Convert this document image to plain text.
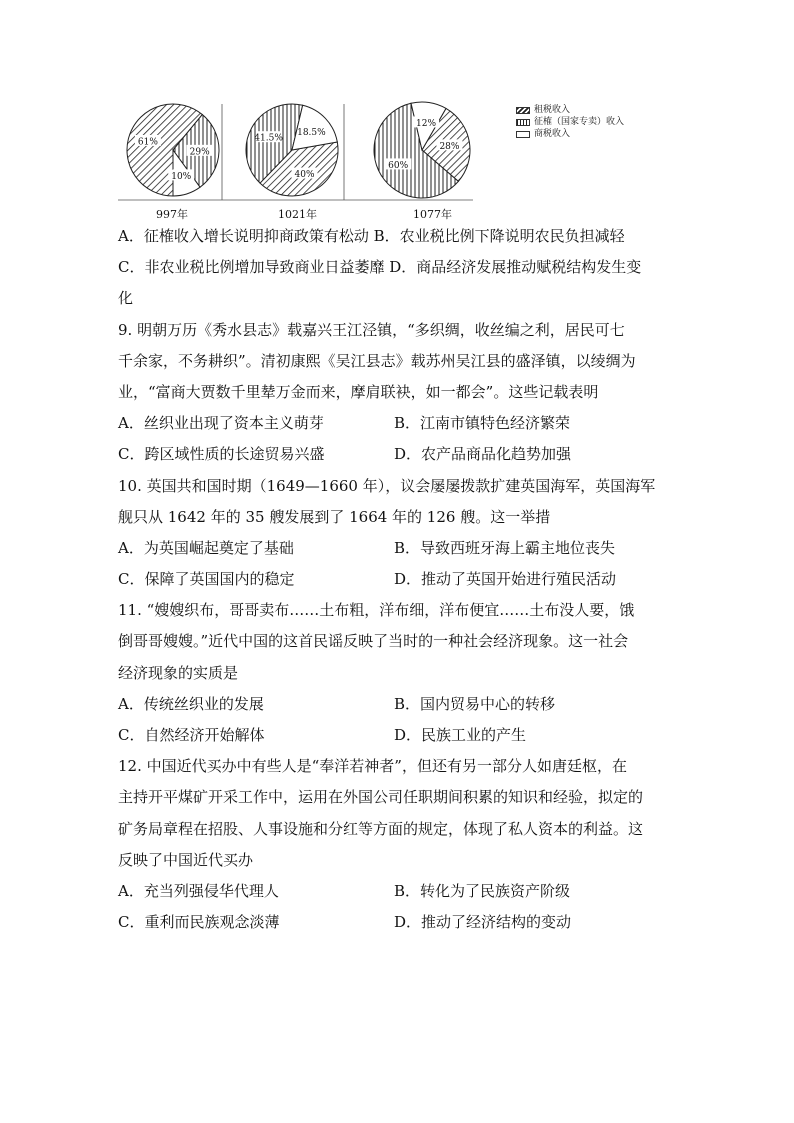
61%
29%
10%	40%
41.5%
18.5%
28%
60%
12%
997年	1021年	1077年
租税收入
征榷（国家专卖）收入
商税收入
A．征榷收入增长说明抑商政策有松动 B．农业税比例下降说明农民负担减轻
C．非农业税比例增加导致商业日益萎靡 D．商品经济发展推动赋税结构发生变
化
9. 明朝万历《秀水县志》载嘉兴王江泾镇，“多织绸，收丝编之利，居民可七
千余家，不务耕织”。清初康熙《吴江县志》载苏州吴江县的盛泽镇，以绫绸为
业，“富商大贾数千里辇万金而来，摩肩联袂，如一都会”。这些记载表明
A．丝织业出现了资本主义萌芽	B．江南市镇特色经济繁荣
C．跨区域性质的长途贸易兴盛	D．农产品商品化趋势加强
10. 英国共和国时期（1649—1660 年），议会屡屡拨款扩建英国海军，英国海军
舰只从 1642 年的 35 艘发展到了 1664 年的 126 艘。这一举措
A．为英国崛起奠定了基础	B．导致西班牙海上霸主地位丧失
C．保障了英国国内的稳定	D．推动了英国开始进行殖民活动
11. “嫂嫂织布，哥哥卖布……土布粗，洋布细，洋布便宜……土布没人要，饿
倒哥哥嫂嫂。”近代中国的这首民谣反映了当时的一种社会经济现象。这一社会
经济现象的实质是
A．传统丝织业的发展	B．国内贸易中心的转移
C．自然经济开始解体	D．民族工业的产生
12. 中国近代买办中有些人是“奉洋若神者”，但还有另一部分人如唐廷枢，在
主持开平煤矿开采工作中，运用在外国公司任职期间积累的知识和经验，拟定的
矿务局章程在招股、人事设施和分红等方面的规定，体现了私人资本的利益。这
反映了中国近代买办
A．充当列强侵华代理人	B．转化为了民族资产阶级
C．重利而民族观念淡薄	D．推动了经济结构的变动
